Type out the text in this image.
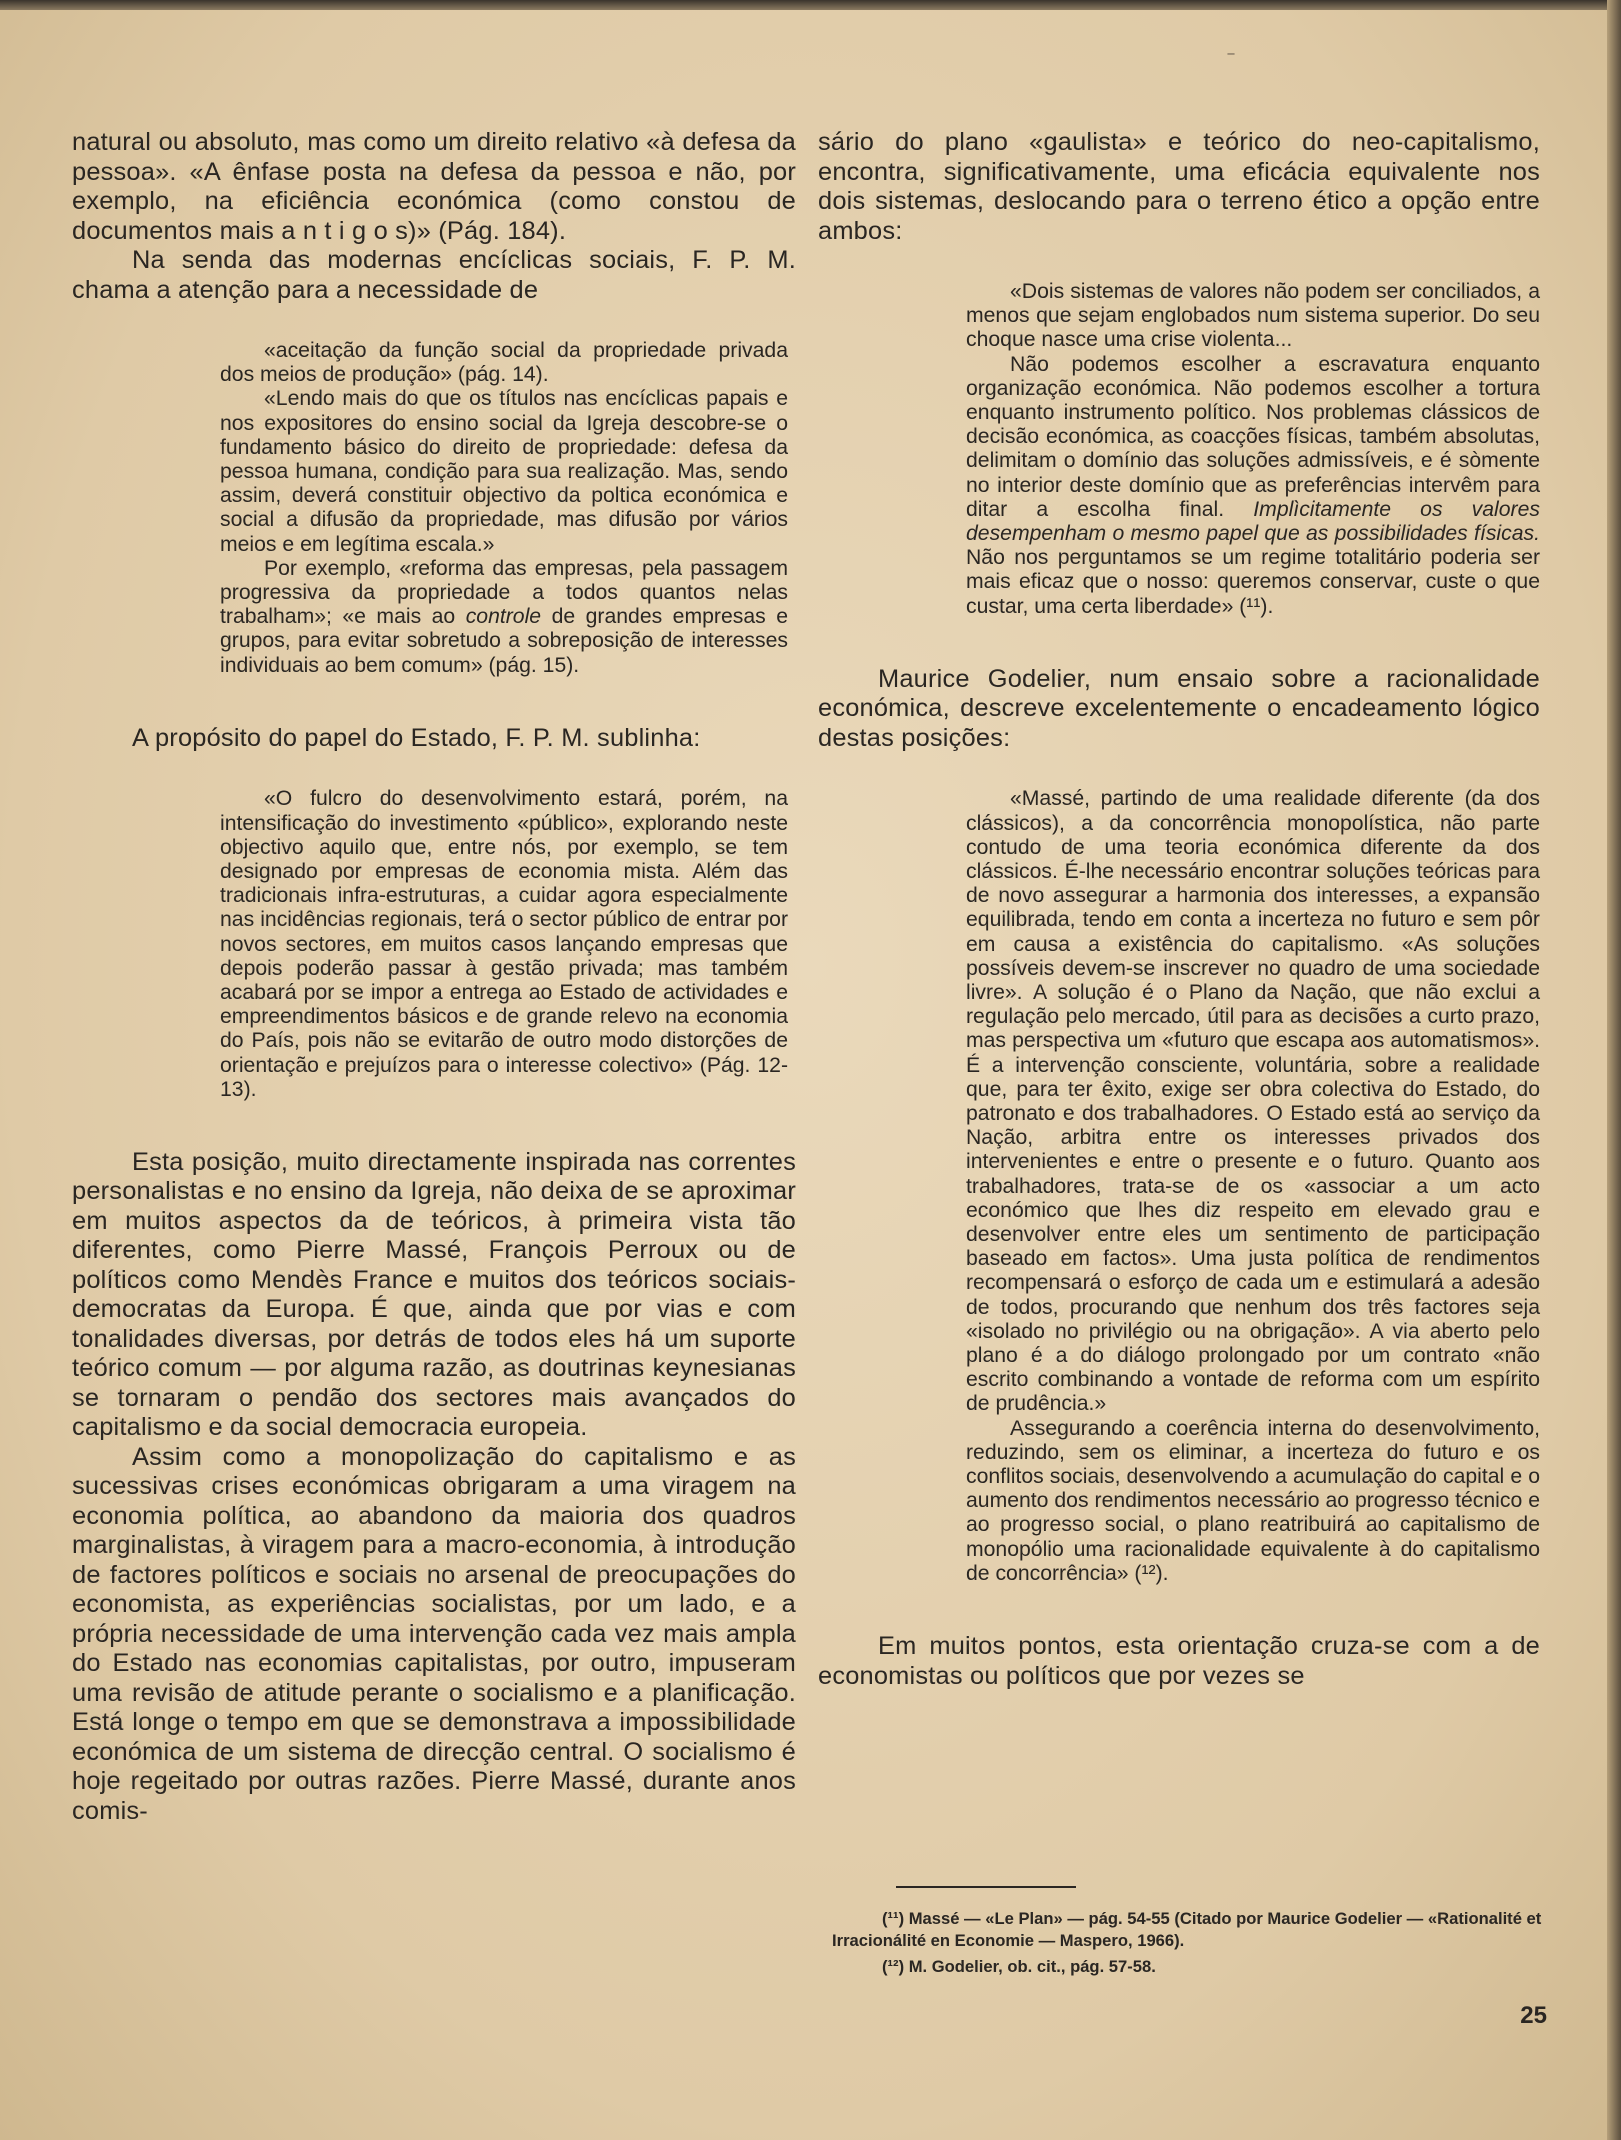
‾

natural ou absoluto, mas como um direito relativo «à defesa da pessoa». «A ênfase posta na defesa da pessoa e não, por exemplo, na eficiência económica (como constou de documentos mais a n t i g o s)» (Pág. 184).

Na senda das modernas encíclicas sociais, F. P. M. chama a atenção para a necessidade de

«aceitação da função social da propriedade privada dos meios de produção» (pág. 14).

«Lendo mais do que os títulos nas encíclicas papais e nos expositores do ensino social da Igreja descobre-se o fundamento básico do direito de propriedade: defesa da pessoa humana, condição para sua realização. Mas, sendo assim, deverá constituir objectivo da poltica económica e social a difusão da propriedade, mas difusão por vários meios e em legítima escala.»

Por exemplo, «reforma das empresas, pela passagem progressiva da propriedade a todos quantos nelas trabalham»; «e mais ao controle de grandes empresas e grupos, para evitar sobretudo a sobreposição de interesses individuais ao bem comum» (pág. 15).

A propósito do papel do Estado, F. P. M. sublinha:

«O fulcro do desenvolvimento estará, porém, na intensificação do investimento «público», explorando neste objectivo aquilo que, entre nós, por exemplo, se tem designado por empresas de economia mista. Além das tradicionais infra-estruturas, a cuidar agora especialmente nas incidências regionais, terá o sector público de entrar por novos sectores, em muitos casos lançando empresas que depois poderão passar à gestão privada; mas também acabará por se impor a entrega ao Estado de actividades e empreendimentos básicos e de grande relevo na economia do País, pois não se evitarão de outro modo distorções de orientação e prejuízos para o interesse colectivo» (Pág. 12-13).

Esta posição, muito directamente inspirada nas correntes personalistas e no ensino da Igreja, não deixa de se aproximar em muitos aspectos da de teóricos, à primeira vista tão diferentes, como Pierre Massé, François Perroux ou de políticos como Mendès France e muitos dos teóricos sociais-democratas da Europa. É que, ainda que por vias e com tonalidades diversas, por detrás de todos eles há um suporte teórico comum — por alguma razão, as doutrinas keynesianas se tornaram o pendão dos sectores mais avançados do capitalismo e da social democracia europeia.

Assim como a monopolização do capitalismo e as sucessivas crises económicas obrigaram a uma viragem na economia política, ao abandono da maioria dos quadros marginalistas, à viragem para a macro-economia, à introdução de factores políticos e sociais no arsenal de preocupações do economista, as experiências socialistas, por um lado, e a própria necessidade de uma intervenção cada vez mais ampla do Estado nas economias capitalistas, por outro, impuseram uma revisão de atitude perante o socialismo e a planificação. Está longe o tempo em que se demonstrava a impossibilidade económica de um sistema de direcção central. O socialismo é hoje regeitado por outras razões. Pierre Massé, durante anos comis-

sário do plano «gaulista» e teórico do neo-capitalismo, encontra, significativamente, uma eficácia equivalente nos dois sistemas, deslocando para o terreno ético a opção entre ambos:

«Dois sistemas de valores não podem ser conciliados, a menos que sejam englobados num sistema superior. Do seu choque nasce uma crise violenta...

Não podemos escolher a escravatura enquanto organização económica. Não podemos escolher a tortura enquanto instrumento político. Nos problemas clássicos de decisão económica, as coacções físicas, também absolutas, delimitam o domínio das soluções admissíveis, e é sòmente no interior deste domínio que as preferências intervêm para ditar a escolha final. Implìcitamente os valores desempenham o mesmo papel que as possibilidades físicas. Não nos perguntamos se um regime totalitário poderia ser mais eficaz que o nosso: queremos conservar, custe o que custar, uma certa liberdade» (¹¹).

Maurice Godelier, num ensaio sobre a racionalidade económica, descreve excelentemente o encadeamento lógico destas posições:

«Massé, partindo de uma realidade diferente (da dos clássicos), a da concorrência monopolística, não parte contudo de uma teoria económica diferente da dos clássicos. É-lhe necessário encontrar soluções teóricas para de novo assegurar a harmonia dos interesses, a expansão equilibrada, tendo em conta a incerteza no futuro e sem pôr em causa a existência do capitalismo. «As soluções possíveis devem-se inscrever no quadro de uma sociedade livre». A solução é o Plano da Nação, que não exclui a regulação pelo mercado, útil para as decisões a curto prazo, mas perspectiva um «futuro que escapa aos automatismos». É a intervenção consciente, voluntária, sobre a realidade que, para ter êxito, exige ser obra colectiva do Estado, do patronato e dos trabalhadores. O Estado está ao serviço da Nação, arbitra entre os interesses privados dos intervenientes e entre o presente e o futuro. Quanto aos trabalhadores, trata-se de os «associar a um acto económico que lhes diz respeito em elevado grau e desenvolver entre eles um sentimento de participação baseado em factos». Uma justa política de rendimentos recompensará o esforço de cada um e estimulará a adesão de todos, procurando que nenhum dos três factores seja «isolado no privilégio ou na obrigação». A via aberto pelo plano é a do diálogo prolongado por um contrato «não escrito combinando a vontade de reforma com um espírito de prudência.»

Assegurando a coerência interna do desenvolvimento, reduzindo, sem os eliminar, a incerteza do futuro e os conflitos sociais, desenvolvendo a acumulação do capital e o aumento dos rendimentos necessário ao progresso técnico e ao progresso social, o plano reatribuirá ao capitalismo de monopólio uma racionalidade equivalente à do capitalismo de concorrência» (¹²).

Em muitos pontos, esta orientação cruza-se com a de economistas ou políticos que por vezes se

(¹¹) Massé — «Le Plan» — pág. 54-55 (Citado por Maurice Godelier — «Rationalité et Irracionálité en Economie — Maspero, 1966).

(¹²) M. Godelier, ob. cit., pág. 57-58.

25
